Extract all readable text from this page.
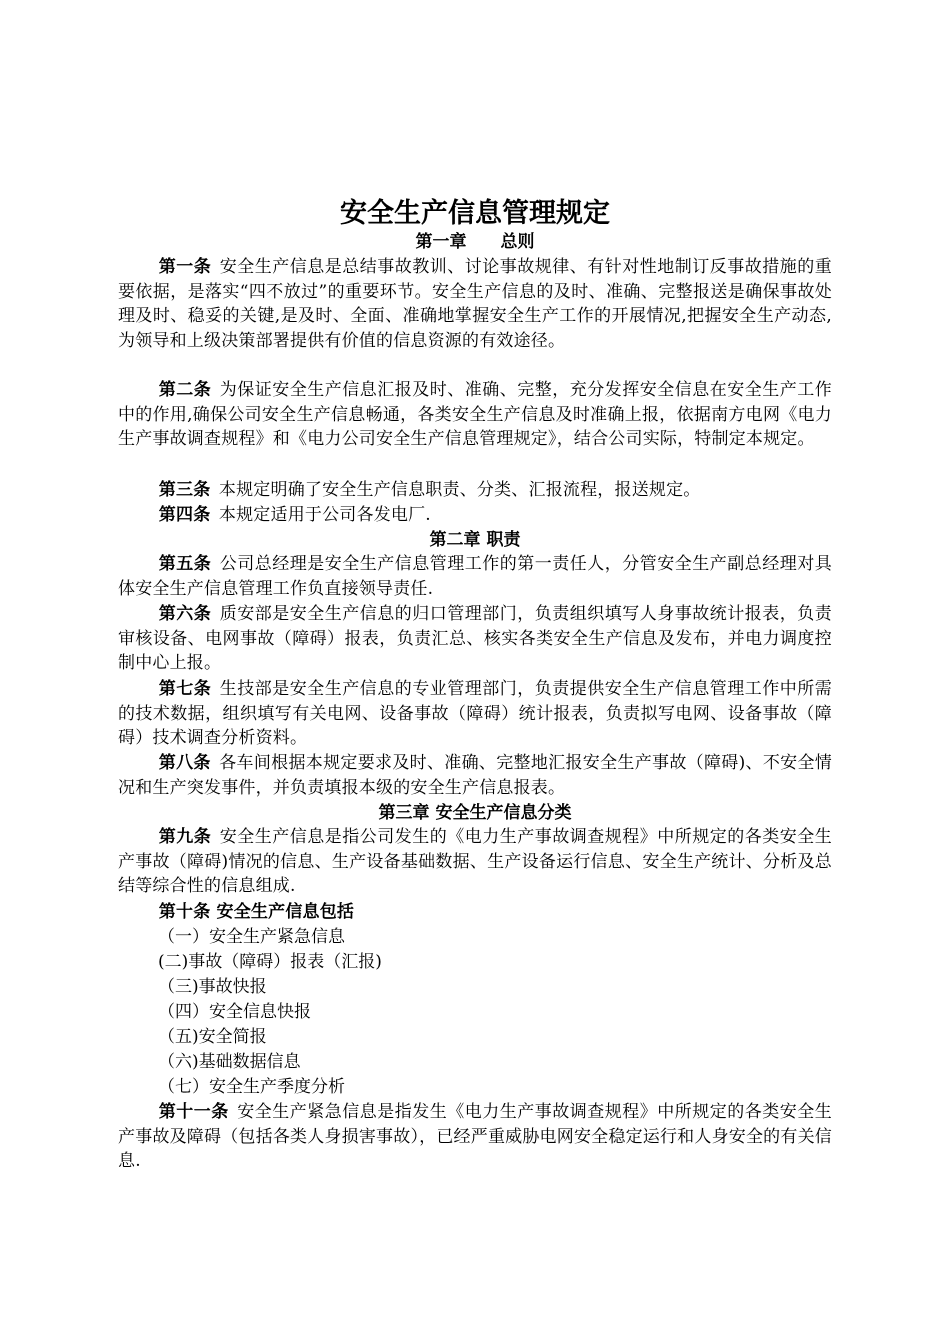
安全生产信息管理规定
第一章　　总则
第一条 安全生产信息是总结事故教训、讨论事故规律、有针对性地制订反事故措施的重要依据，是落实“四不放过”的重要环节。安全生产信息的及时、准确、完整报送是确保事故处理及时、稳妥的关键,是及时、全面、准确地掌握安全生产工作的开展情况,把握安全生产动态,为领导和上级决策部署提供有价值的信息资源的有效途径。
第二条 为保证安全生产信息汇报及时、准确、完整，充分发挥安全信息在安全生产工作中的作用,确保公司安全生产信息畅通，各类安全生产信息及时准确上报，依据南方电网《电力生产事故调查规程》和《电力公司安全生产信息管理规定》，结合公司实际，特制定本规定。
第三条 本规定明确了安全生产信息职责、分类、汇报流程，报送规定。
第四条 本规定适用于公司各发电厂.
第二章 职责
第五条 公司总经理是安全生产信息管理工作的第一责任人，分管安全生产副总经理对具体安全生产信息管理工作负直接领导责任.
第六条 质安部是安全生产信息的归口管理部门，负责组织填写人身事故统计报表，负责审核设备、电网事故（障碍）报表，负责汇总、核实各类安全生产信息及发布，并电力调度控制中心上报。
第七条 生技部是安全生产信息的专业管理部门，负责提供安全生产信息管理工作中所需的技术数据，组织填写有关电网、设备事故（障碍）统计报表，负责拟写电网、设备事故（障碍）技术调查分析资料。
第八条 各车间根据本规定要求及时、准确、完整地汇报安全生产事故（障碍)、不安全情况和生产突发事件，并负责填报本级的安全生产信息报表。
第三章 安全生产信息分类
第九条 安全生产信息是指公司发生的《电力生产事故调查规程》中所规定的各类安全生产事故（障碍)情况的信息、生产设备基础数据、生产设备运行信息、安全生产统计、分析及总结等综合性的信息组成.
第十条 安全生产信息包括
（一）安全生产紧急信息
(二)事故（障碍）报表（汇报)
（三)事故快报
（四）安全信息快报
（五)安全简报
（六)基础数据信息
（七）安全生产季度分析
第十一条 安全生产紧急信息是指发生《电力生产事故调查规程》中所规定的各类安全生产事故及障碍（包括各类人身损害事故），已经严重威胁电网安全稳定运行和人身安全的有关信息.
